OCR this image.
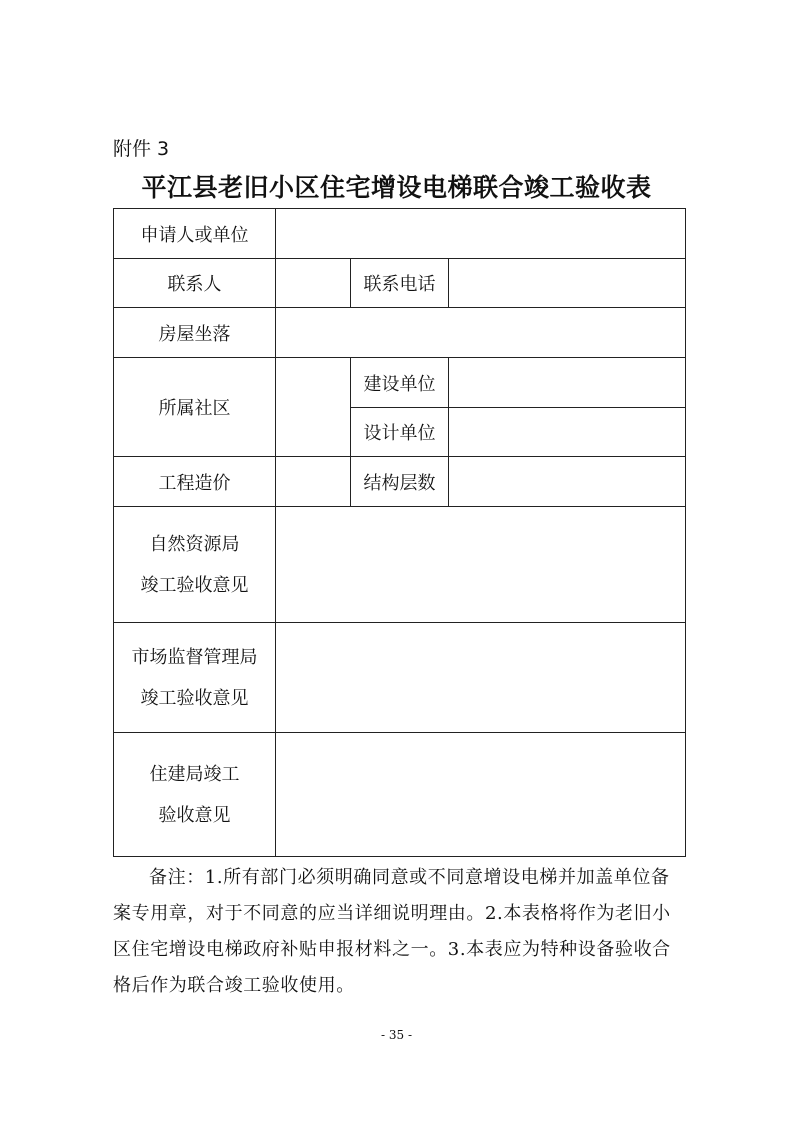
附件 3
平江县老旧小区住宅增设电梯联合竣工验收表
申请人或单位			
联系人		联系电话	
房屋坐落			
所属社区		建设单位	
		设计单位	
工程造价		结构层数	

自然资源局
竣工验收意见			

市场监督管理局
竣工验收意见			

住建局竣工
验收意见			

备注：1.所有部门必须明确同意或不同意增设电梯并加盖单位备案专用章，对于不同意的应当详细说明理由。2.本表格将作为老旧小区住宅增设电梯政府补贴申报材料之一。3.本表应为特种设备验收合格后作为联合竣工验收使用。
- 35 -
